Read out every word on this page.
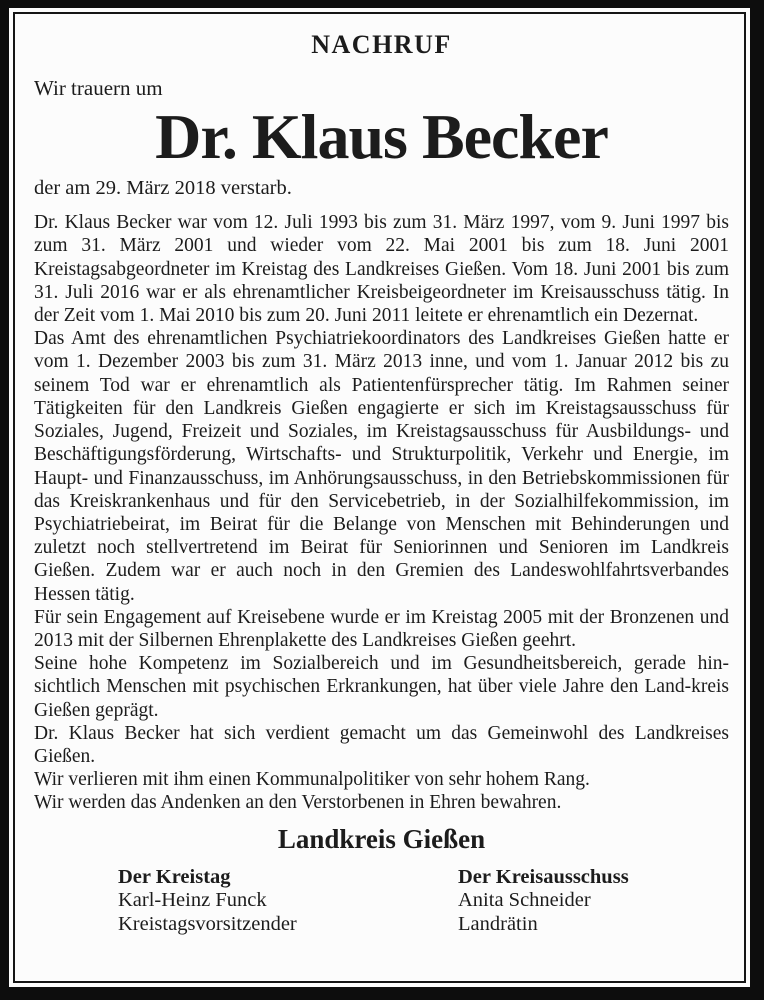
NACHRUF
Wir trauern um
Dr. Klaus Becker
der am 29. März 2018 verstarb.

Dr. Klaus Becker war vom 12. Juli 1993 bis zum 31. März 1997, vom 9. Juni 1997 bis zum 31. März 2001 und wieder vom 22. Mai 2001 bis zum 18. Juni 2001 Kreistagsabgeordneter im Kreistag des Landkreises Gießen. Vom 18. Juni 2001 bis zum 31. Juli 2016 war er als ehrenamtlicher Kreisbeigeordneter im Kreisausschuss tätig. In der Zeit vom 1. Mai 2010 bis zum 20. Juni 2011 leitete er ehrenamtlich ein Dezernat.

Das Amt des ehrenamtlichen Psychiatriekoordinators des Landkreises Gießen hatte er vom 1. Dezember 2003 bis zum 31. März 2013 inne, und vom 1. Januar 2012 bis zu seinem Tod war er ehrenamtlich als Patientenfürsprecher tätig. Im Rahmen seiner Tätigkeiten für den Landkreis Gießen engagierte er sich im Kreistagsausschuss für Soziales, Jugend, Freizeit und Soziales, im Kreistagsausschuss für Ausbildungs- und Beschäftigungsförderung, Wirtschafts- und Strukturpolitik, Verkehr und Energie, im Haupt- und Finanzausschuss, im Anhörungsausschuss, in den Betriebskommissionen für das Kreiskrankenhaus und für den Servicebetrieb, in der Sozialhilfekommission, im Psychiatriebeirat, im Beirat für die Belange von Menschen mit Behinderungen und zuletzt noch stellvertretend im Beirat für Seniorinnen und Senioren im Landkreis Gießen. Zudem war er auch noch in den Gremien des Landeswohlfahrtsverbandes Hessen tätig.

Für sein Engagement auf Kreisebene wurde er im Kreistag 2005 mit der Bronzenen und 2013 mit der Silbernen Ehrenplakette des Landkreises Gießen geehrt.

Seine hohe Kompetenz im Sozialbereich und im Gesundheitsbereich, gerade hin-sichtlich Menschen mit psychischen Erkrankungen, hat über viele Jahre den Land-kreis Gießen geprägt.

Dr. Klaus Becker hat sich verdient gemacht um das Gemeinwohl des Landkreises Gießen.

Wir verlieren mit ihm einen Kommunalpolitiker von sehr hohem Rang.

Wir werden das Andenken an den Verstorbenen in Ehren bewahren.

Landkreis Gießen
Der Kreistag
Karl-Heinz Funck
Kreistagsvorsitzender
Der Kreisausschuss
Anita Schneider
Landrätin
